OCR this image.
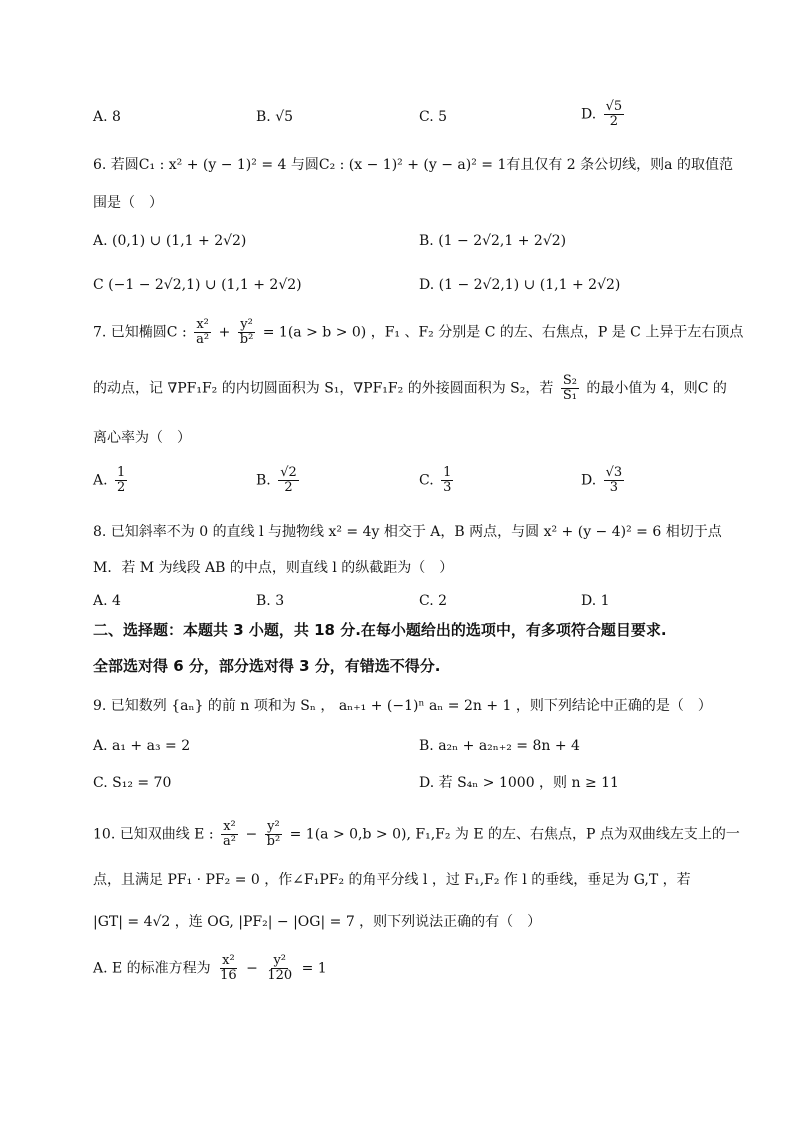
A. 8	B. √5	C. 5	D. $\frac{√5}{2}$
6. 若圆C₁ : x² + (y − 1)² = 4 与圆C₂ : (x − 1)² + (y − a)² = 1有且仅有 2 条公切线，则a 的取值范
围是（　）
A. (0,1) ∪ (1,1 + 2√2)	B. (1 − 2√2,1 + 2√2)
C (−1 − 2√2,1) ∪ (1,1 + 2√2)	D. (1 − 2√2,1) ∪ (1,1 + 2√2)
7. 已知椭圆C : $\frac{\text{x²}}{\text{a²}} + \frac{\text{y²}}{\text{b²}} = 1(a > b > 0)$ ，F₁ 、F₂ 分别是 C 的左、右焦点，P 是 C 上异于左右顶点
的动点，记 ∇PF₁F₂ 的内切圆面积为 S₁，∇PF₁F₂ 的外接圆面积为 S₂，若 $\frac{\text{S₂}}{\text{S₁}}$ 的最小值为 4，则C 的
离心率为（　）
A. $\frac{1}{2}$	B. $\frac{√2}{2}$	C. $\frac{1}{3}$	D. $\frac{√3}{3}$
8. 已知斜率不为 0 的直线 l 与抛物线 x² = 4y 相交于 A，B 两点，与圆 x² + (y − 4)² = 6 相切于点
M．若 M 为线段 AB 的中点，则直线 l 的纵截距为（　）
A. 4	B. 3	C. 2	D. 1
二、选择题：本题共 3 小题，共 18 分.在每小题给出的选项中，有多项符合题目要求.
全部选对得 6 分，部分选对得 3 分，有错选不得分.
9. 已知数列 {aₙ} 的前 n 项和为 Sₙ ， aₙ₊₁ + (−1)ⁿ aₙ = 2n + 1 ，则下列结论中正确的是（　）
A. a₁ + a₃ = 2	B. a₂ₙ + a₂ₙ₊₂ = 8n + 4
C. S₁₂ = 70	D. 若 S₄ₙ > 1000 ，则 n ≥ 11
10. 已知双曲线 E : $\frac{\text{x²}}{\text{a²}} - \frac{\text{y²}}{\text{b²}} = 1(a > 0,b > 0)$, F₁,F₂ 为 E 的左、右焦点，P 点为双曲线左支上的一
点，且满足 PF₁ · PF₂ = 0 ，作∠F₁PF₂ 的角平分线 l ，过 F₁,F₂ 作 l 的垂线，垂足为 G,T ，若
|GT| = 4√2 ，连 OG, |PF₂| − |OG| = 7 ，则下列说法正确的有（　）
A. E 的标准方程为 $\frac{\text{x²}}{16} - \frac{\text{y²}}{120} = 1$
